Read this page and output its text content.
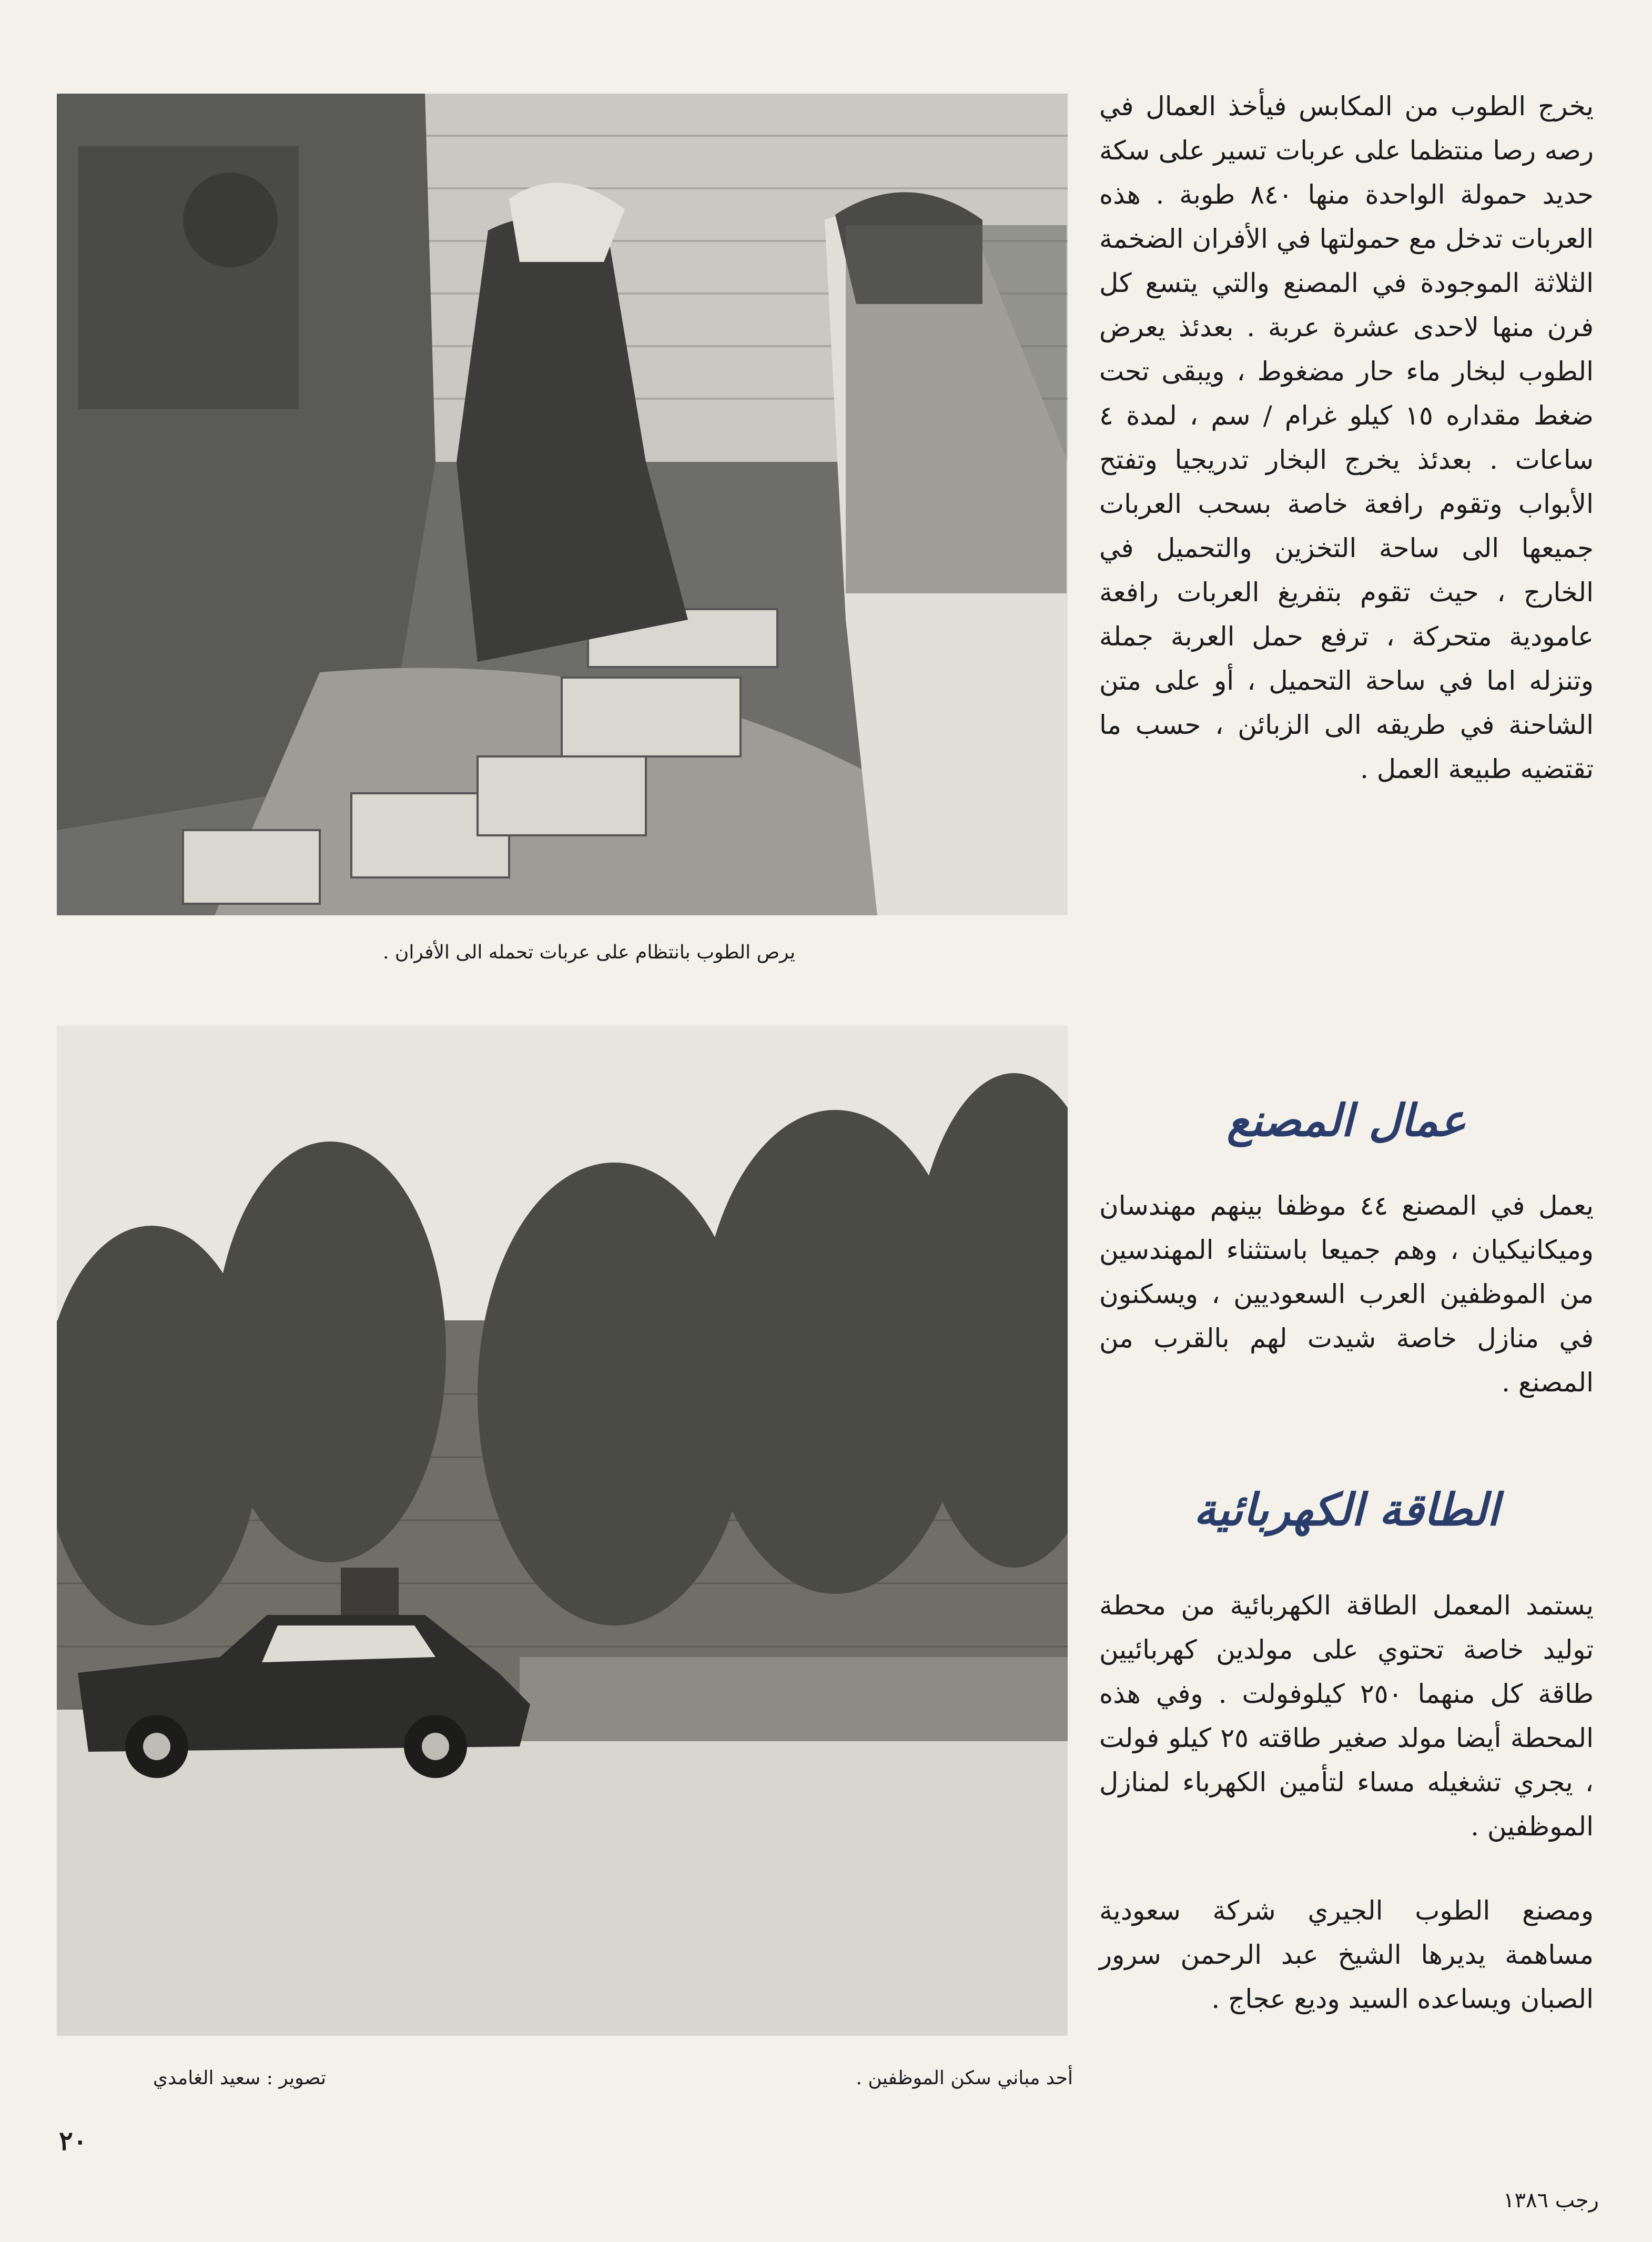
يرص الطوب بانتظام على عربات تحمله الى الأفران .
أحد مباني سكن الموظفين .
تصوير : سعيد الغامدي
يخرج الطوب من المكابس فيأخذ العمال في رصه رصا منتظما على عربات تسير على سكة حديد حمولة الواحدة منها ٨٤٠ طوبة . هذه العربات تدخل مع حمولتها في الأفران الضخمة الثلاثة الموجودة في المصنع والتي يتسع كل فرن منها لاحدى عشرة عربة . بعدئذ يعرض الطوب لبخار ماء حار مضغوط ، ويبقى تحت ضغط مقداره ١٥ كيلو غرام / سم ، لمدة ٤ ساعات . بعدئذ يخرج البخار تدريجيا وتفتح الأبواب وتقوم رافعة خاصة بسحب العربات جميعها الى ساحة التخزين والتحميل في الخارج ، حيث تقوم بتفريغ العربات رافعة عامودية متحركة ، ترفع حمل العربة جملة وتنزله اما في ساحة التحميل ، أو على متن الشاحنة في طريقه الى الزبائن ، حسب ما تقتضيه طبيعة العمل .
عمال المصنع
يعمل في المصنع ٤٤ موظفا بينهم مهندسان وميكانيكيان ، وهم جميعا باستثناء المهندسين من الموظفين العرب السعوديين ، ويسكنون في منازل خاصة شيدت لهم بالقرب من المصنع .
الطاقة الكهربائية
يستمد المعمل الطاقة الكهربائية من محطة توليد خاصة تحتوي على مولدين كهربائيين طاقة كل منهما ٢٥٠ كيلوفولت . وفي هذه المحطة أيضا مولد صغير طاقته ٢٥ كيلو فولت ، يجري تشغيله مساء لتأمين الكهرباء لمنازل الموظفين .
ومصنع الطوب الجيري شركة سعودية مساهمة يديرها الشيخ عبد الرحمن سرور الصبان ويساعده السيد وديع عجاج .
٢٠
رجب ١٣٨٦
